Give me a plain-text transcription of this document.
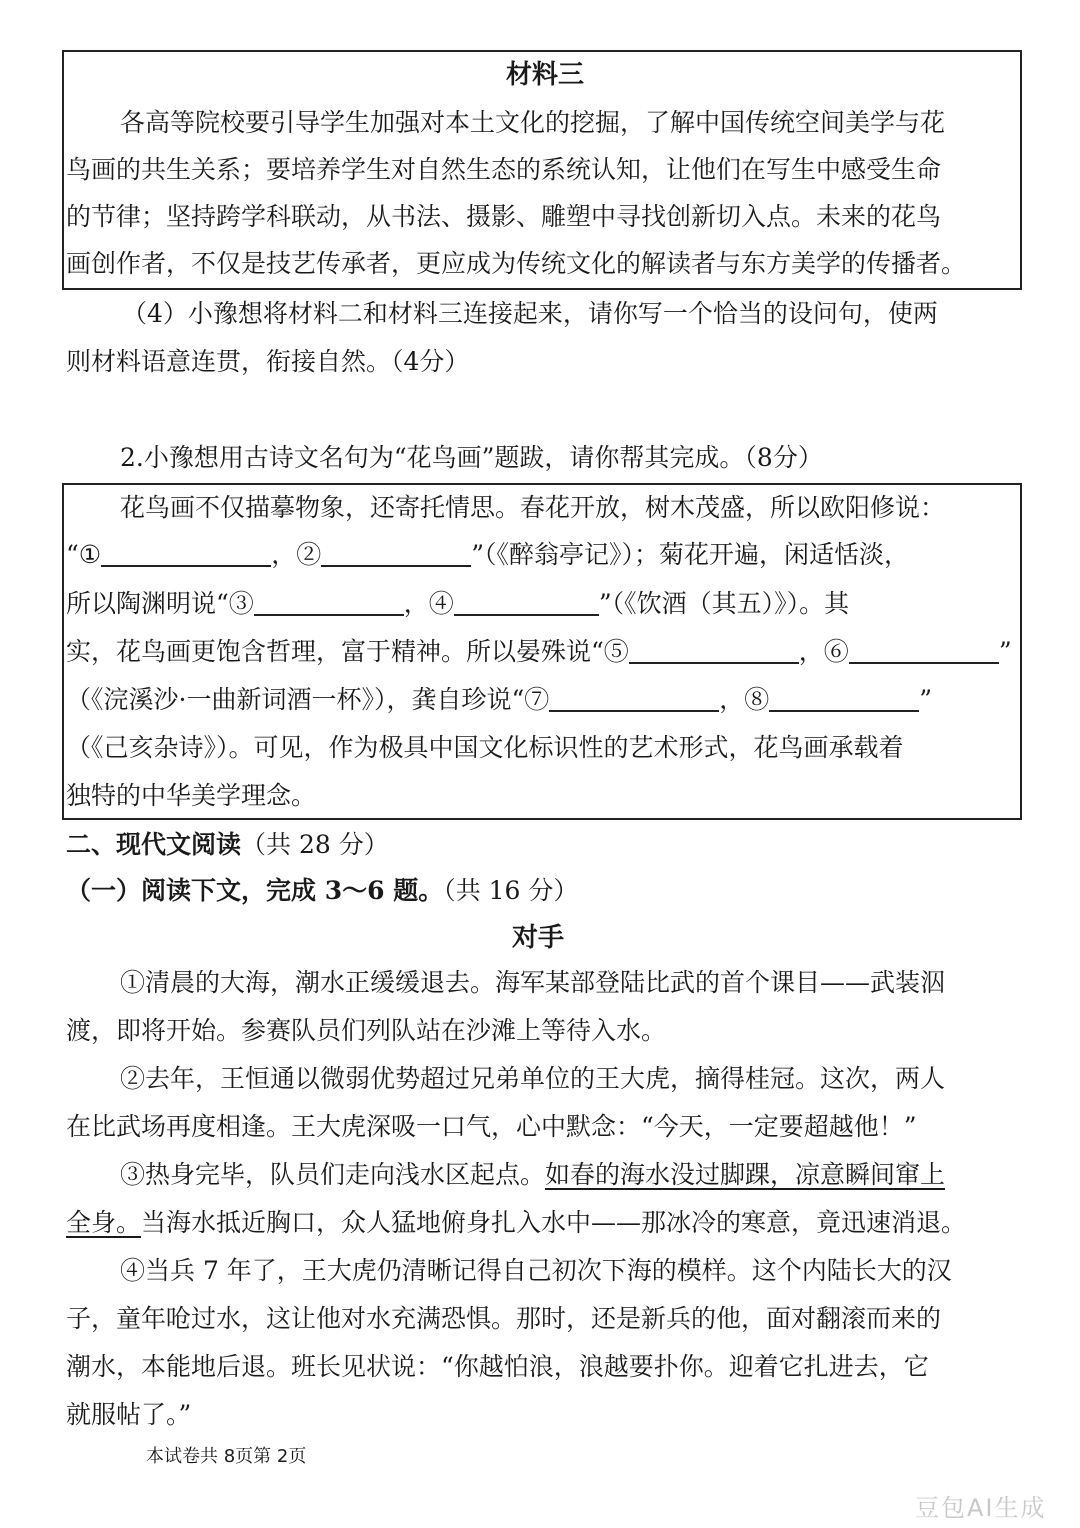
材料三
各高等院校要引导学生加强对本土文化的挖掘，了解中国传统空间美学与花
鸟画的共生关系；要培养学生对自然生态的系统认知，让他们在写生中感受生命
的节律；坚持跨学科联动，从书法、摄影、雕塑中寻找创新切入点。未来的花鸟
画创作者，不仅是技艺传承者，更应成为传统文化的解读者与东方美学的传播者。
（4）小豫想将材料二和材料三连接起来，请你写一个恰当的设问句，使两
则材料语意连贯，衔接自然。（4分）
2.小豫想用古诗文名句为“花鸟画”题跋，请你帮其完成。（8分）
花鸟画不仅描摹物象，还寄托情思。春花开放，树木茂盛，所以欧阳修说：
“①	，②	”（《醉翁亭记》）；菊花开遍，闲适恬淡，
所以陶渊明说“③	，④	”（《饮酒（其五）》）。其
实，花鸟画更饱含哲理，富于精神。所以晏殊说“⑤	，⑥	”
（《浣溪沙·一曲新词酒一杯》），龚自珍说“⑦	，⑧	”
（《己亥杂诗》）。可见，作为极具中国文化标识性的艺术形式，花鸟画承载着
独特的中华美学理念。
二、现代文阅读（共 28 分）
（一）阅读下文，完成 3～6 题。（共 16 分）
对手
①清晨的大海，潮水正缓缓退去。海军某部登陆比武的首个课目——武装泅
渡，即将开始。参赛队员们列队站在沙滩上等待入水。
②去年，王恒通以微弱优势超过兄弟单位的王大虎，摘得桂冠。这次，两人
在比武场再度相逢。王大虎深吸一口气，心中默念：“今天，一定要超越他！”
③热身完毕，队员们走向浅水区起点。如春的海水没过脚踝，凉意瞬间窜上
全身。当海水抵近胸口，众人猛地俯身扎入水中——那冰冷的寒意，竟迅速消退。
④当兵 7 年了，王大虎仍清晰记得自己初次下海的模样。这个内陆长大的汉
子，童年呛过水，这让他对水充满恐惧。那时，还是新兵的他，面对翻滚而来的
潮水，本能地后退。班长见状说：“你越怕浪，浪越要扑你。迎着它扎进去，它
就服帖了。”
本试卷共 8页第 2页
豆包AI生成
